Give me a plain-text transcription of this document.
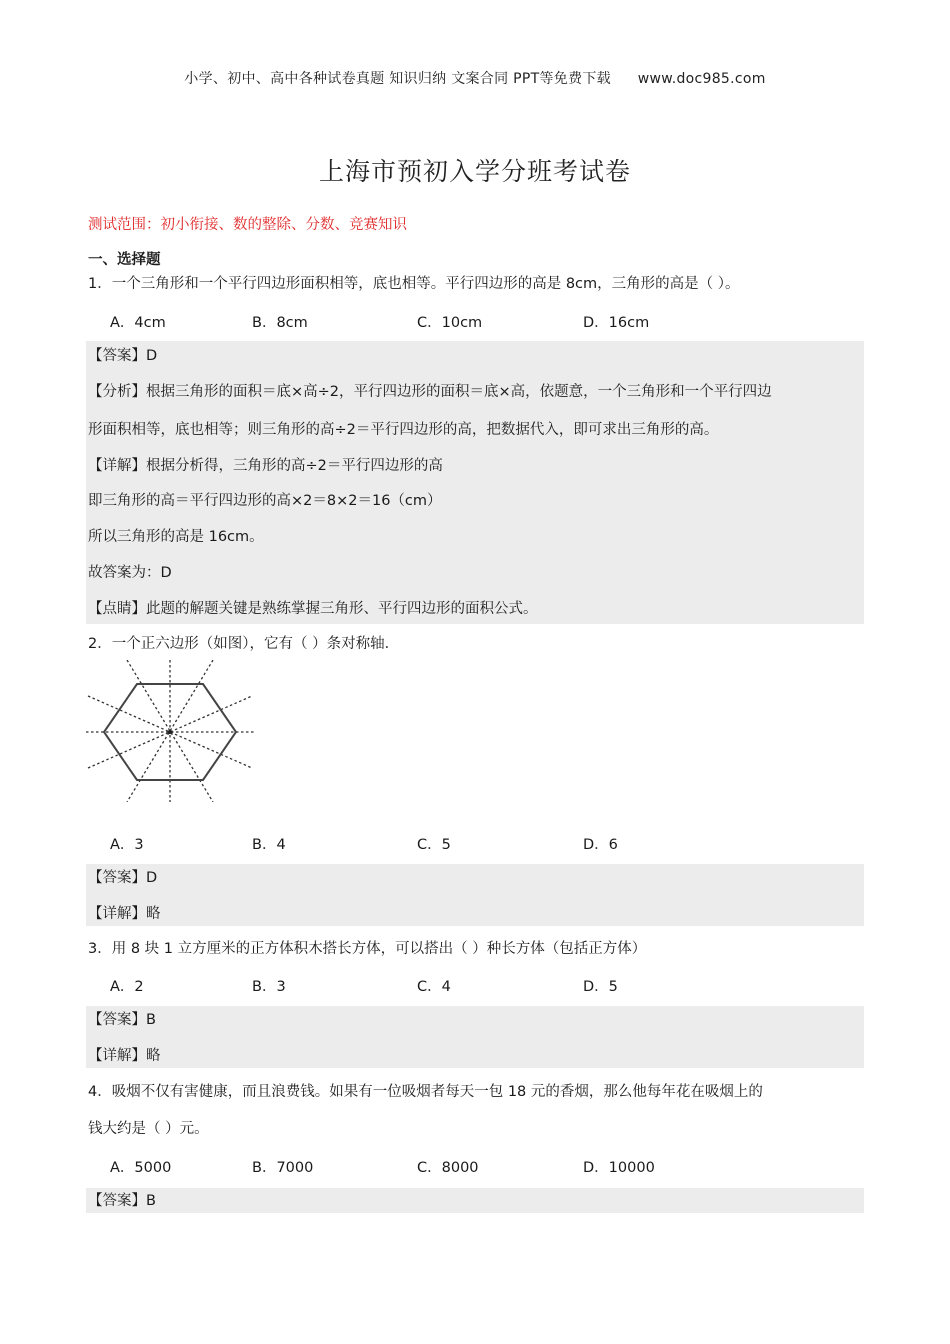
小学、初中、高中各种试卷真题 知识归纳 文案合同 PPT等免费下载 www.doc985.com
上海市预初入学分班考试卷
测试范围：初小衔接、数的整除、分数、竞赛知识
一、选择题
1．一个三角形和一个平行四边形面积相等，底也相等。平行四边形的高是 8cm，三角形的高是（ ）。
A．4cm	B．8cm	C．10cm	D．16cm
【答案】D
【分析】根据三角形的面积＝底×高÷2，平行四边形的面积＝底×高，依题意，一个三角形和一个平行四边
形面积相等，底也相等；则三角形的高÷2＝平行四边形的高，把数据代入，即可求出三角形的高。
【详解】根据分析得，三角形的高÷2＝平行四边形的高
即三角形的高＝平行四边形的高×2＝8×2＝16（cm）
所以三角形的高是 16cm。
故答案为：D
【点睛】此题的解题关键是熟练掌握三角形、平行四边形的面积公式。
2．一个正六边形（如图），它有（ ）条对称轴．
A．3	B．4	C．5	D．6
【答案】D
【详解】略
3．用 8 块 1 立方厘米的正方体积木搭长方体，可以搭出（ ）种长方体（包括正方体）
A．2	B．3	C．4	D．5
【答案】B
【详解】略
4．吸烟不仅有害健康，而且浪费钱。如果有一位吸烟者每天一包 18 元的香烟，那么他每年花在吸烟上的
钱大约是（ ）元。
A．5000	B．7000	C．8000	D．10000
【答案】B
